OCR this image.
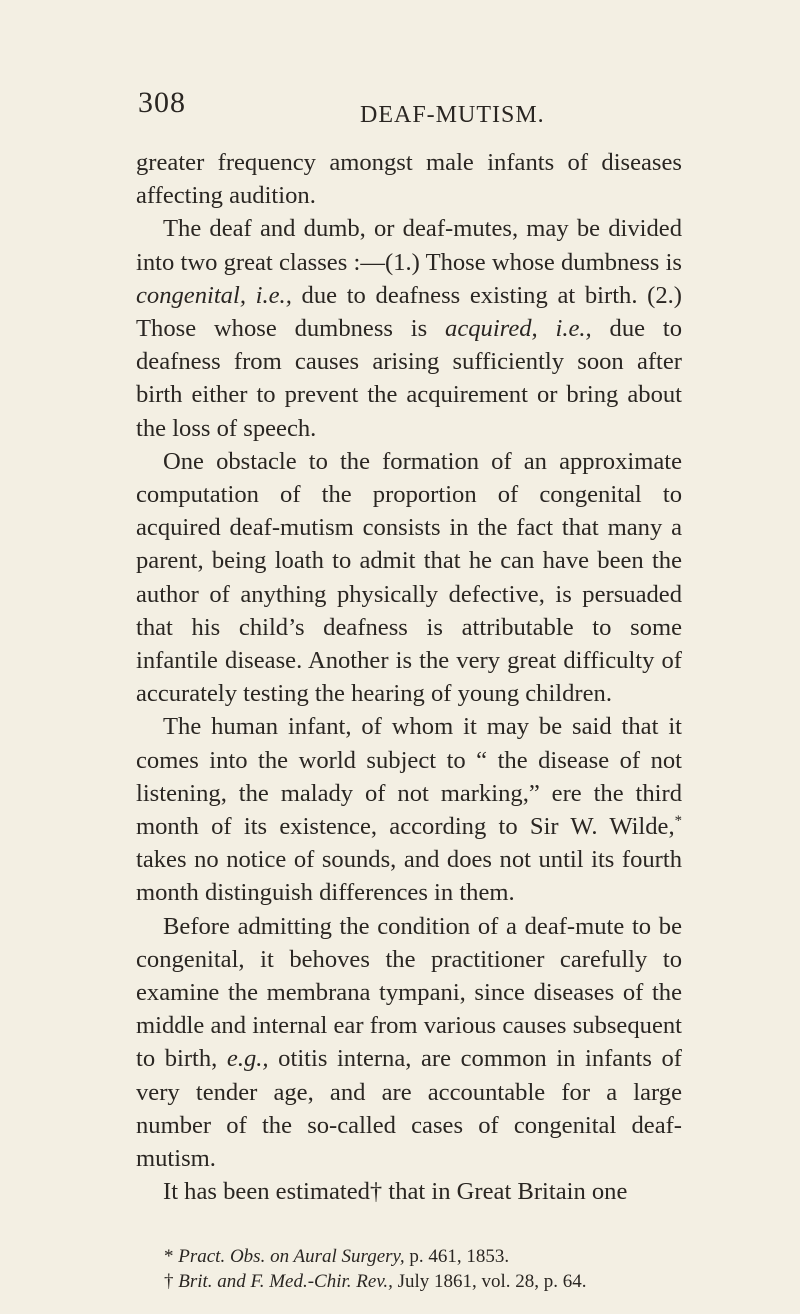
308	DEAF-MUTISM.

greater frequency amongst male infants of diseases affecting audition.

The deaf and dumb, or deaf-mutes, may be divided into two great classes :—(1.) Those whose dumbness is congenital, i.e., due to deafness existing at birth. (2.) Those whose dumbness is acquired, i.e., due to deafness from causes arising sufficiently soon after birth either to prevent the acquirement or bring about the loss of speech.

One obstacle to the formation of an approximate computation of the proportion of congenital to acquired deaf-mutism consists in the fact that many a parent, being loath to admit that he can have been the author of anything physically defective, is persuaded that his child’s deafness is attributable to some infantile disease. Another is the very great difficulty of accurately testing the hearing of young children.

The human infant, of whom it may be said that it comes into the world subject to “ the disease of not listening, the malady of not marking,” ere the third month of its existence, according to Sir W. Wilde,* takes no notice of sounds, and does not until its fourth month distinguish differences in them.

Before admitting the condition of a deaf-mute to be congenital, it behoves the practitioner carefully to examine the membrana tympani, since diseases of the middle and internal ear from various causes subsequent to birth, e.g., otitis interna, are common in infants of very tender age, and are accountable for a large number of the so-called cases of congenital deaf-mutism.

It has been estimated† that in Great Britain one

* Pract. Obs. on Aural Surgery, p. 461, 1853.

† Brit. and F. Med.-Chir. Rev., July 1861, vol. 28, p. 64.
